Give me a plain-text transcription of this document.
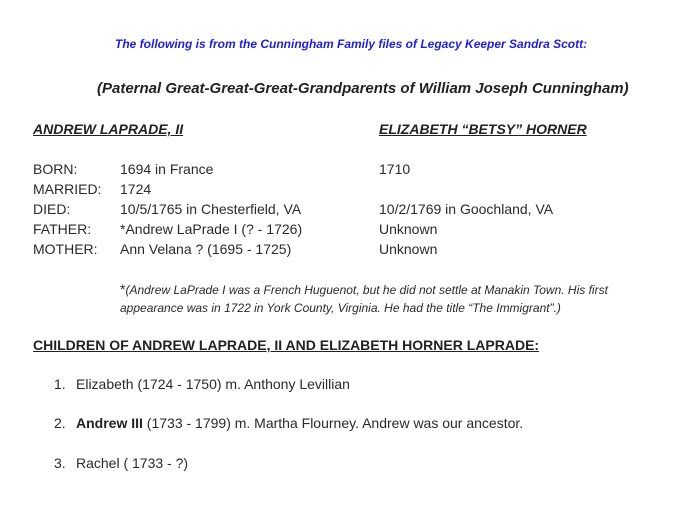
The following is from the Cunningham Family files of Legacy Keeper Sandra Scott:
(Paternal Great-Great-Great-Grandparents of William Joseph Cunningham)
ANDREW LAPRADE, II	ELIZABETH “BETSY” HORNER
BORN:	1694 in France	1710
MARRIED: 1724
DIED:	10/5/1765 in Chesterfield, VA	10/2/1769 in Goochland, VA
FATHER: *Andrew LaPrade I (? - 1726)	Unknown
MOTHER: Ann Velana ? (1695 - 1725)	Unknown
*(Andrew LaPrade I was a French Huguenot, but he did not settle at Manakin Town. His first appearance was in 1722 in York County, Virginia. He had the title “The Immigrant”.)
CHILDREN OF ANDREW LAPRADE, II AND ELIZABETH HORNER LAPRADE:
1. Elizabeth (1724 - 1750) m. Anthony Levillian
2. Andrew III (1733 - 1799) m. Martha Flourney. Andrew was our ancestor.
3. Rachel ( 1733 - ?)
